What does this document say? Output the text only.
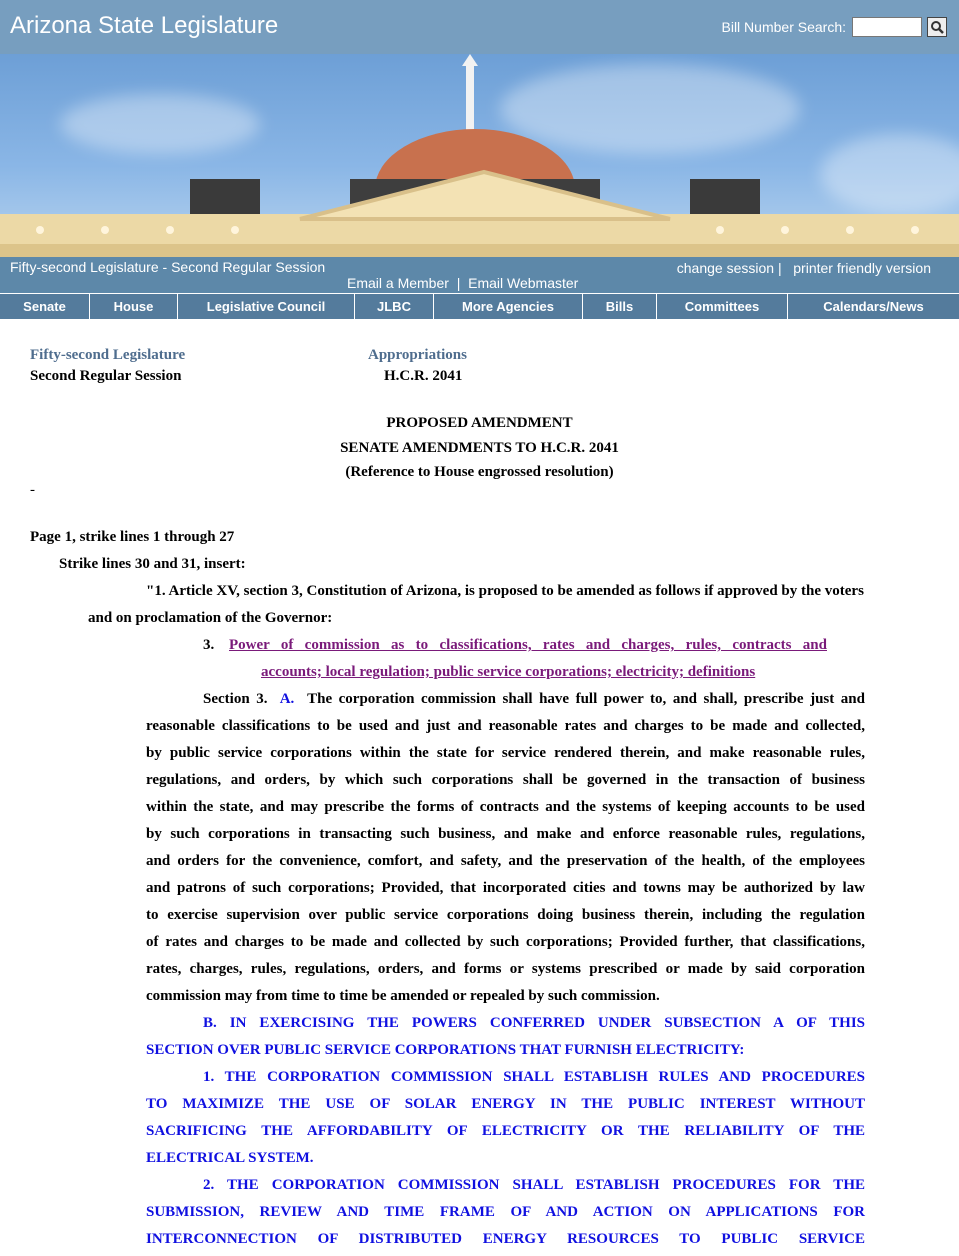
Arizona State Legislature	Bill Number Search:
Fifty-second Legislature - Second Regular Session
Email a Member | Email Webmaster
change session | printer friendly version
Senate	House	Legislative Council	JLBC	More Agencies	Bills	Committees	Calendars/News
Fifty-second Legislature
Second Regular Session
Appropriations
H.C.R. 2041
PROPOSED AMENDMENT
SENATE AMENDMENTS TO H.C.R. 2041
(Reference to House engrossed resolution)
-
Page 1, strike lines 1 through 27
Strike lines 30 and 31, insert:
"1. Article XV, section 3, Constitution of Arizona, is proposed to be amended as follows if approved by the voters
and on proclamation of the Governor:
3. Power of commission as to classifications, rates and charges, rules, contracts and
accounts; local regulation; public service corporations; electricity; definitions
Section 3. A. The corporation commission shall have full power to, and shall, prescribe just and
reasonable classifications to be used and just and reasonable rates and charges to be made and collected,
by public service corporations within the state for service rendered therein, and make reasonable rules,
regulations, and orders, by which such corporations shall be governed in the transaction of business
within the state, and may prescribe the forms of contracts and the systems of keeping accounts to be used
by such corporations in transacting such business, and make and enforce reasonable rules, regulations,
and orders for the convenience, comfort, and safety, and the preservation of the health, of the employees
and patrons of such corporations; Provided, that incorporated cities and towns may be authorized by law
to exercise supervision over public service corporations doing business therein, including the regulation
of rates and charges to be made and collected by such corporations; Provided further, that classifications,
rates, charges, rules, regulations, orders, and forms or systems prescribed or made by said corporation
commission may from time to time be amended or repealed by such commission.
B. IN EXERCISING THE POWERS CONFERRED UNDER SUBSECTION A OF THIS
SECTION OVER PUBLIC SERVICE CORPORATIONS THAT FURNISH ELECTRICITY:
1. THE CORPORATION COMMISSION SHALL ESTABLISH RULES AND PROCEDURES
TO MAXIMIZE THE USE OF SOLAR ENERGY IN THE PUBLIC INTEREST WITHOUT
SACRIFICING THE AFFORDABILITY OF ELECTRICITY OR THE RELIABILITY OF THE
ELECTRICAL SYSTEM.
2. THE CORPORATION COMMISSION SHALL ESTABLISH PROCEDURES FOR THE
SUBMISSION, REVIEW AND TIME FRAME OF AND ACTION ON APPLICATIONS FOR
INTERCONNECTION OF DISTRIBUTED ENERGY RESOURCES TO PUBLIC SERVICE
